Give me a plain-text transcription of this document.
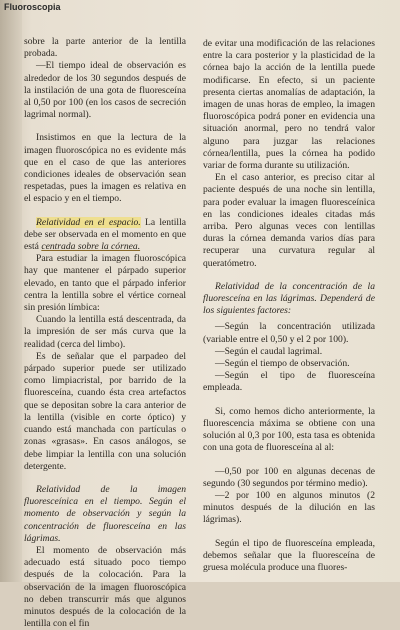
Fluoroscopia

sobre la parte anterior de la lentilla probada.

—El tiempo ideal de observación es alrededor de los 30 segundos después de la instilación de una gota de fluoresceína al 0,50 por 100 (en los casos de secreción lagrimal normal).

Insistimos en que la lectura de la imagen fluoroscópica no es evidente más que en el caso de que las anteriores condiciones ideales de observación sean respetadas, pues la imagen es relativa en el espacio y en el tiempo.

Relatividad en el espacio. La lentilla debe ser observada en el momento en que está centrada sobre la córnea.

Para estudiar la imagen fluoroscópica hay que mantener el párpado superior elevado, en tanto que el párpado inferior centra la lentilla sobre el vértice corneal sin presión límbica:

Cuando la lentilla está descentrada, da la impresión de ser más curva que la realidad (cerca del limbo).

Es de señalar que el parpadeo del párpado superior puede ser utilizado como limpiacristal, por barrido de la fluoresceína, cuando ésta crea artefactos que se depositan sobre la cara anterior de la lentilla (visible en corte óptico) y cuando está manchada con partículas o zonas «grasas». En casos análogos, se debe limpiar la lentilla con una solución detergente.

Relatividad de la imagen fluoresceínica en el tiempo. Según el momento de observación y según la concentración de fluoresceína en las lágrimas.

El momento de observación más adecuado está situado poco tiempo después de la colocación. Para la observación de la imagen fluoroscópica no deben transcurrir más que algunos minutos después de la colocación de la lentilla con el fin

de evitar una modificación de las relaciones entre la cara posterior y la plasticidad de la córnea bajo la acción de la lentilla puede modificarse. En efecto, si un paciente presenta ciertas anomalías de adaptación, la imagen de unas horas de empleo, la imagen fluoroscópica podrá poner en evidencia una situación anormal, pero no tendrá valor alguno para juzgar las relaciones córnea/lentilla, pues la córnea ha podido variar de forma durante su utilización.

En el caso anterior, es preciso citar al paciente después de una noche sin lentilla, para poder evaluar la imagen fluoresceínica en las condiciones ideales citadas más arriba. Pero algunas veces con lentillas duras la córnea demanda varios días para recuperar una curvatura regular al queratómetro.

Relatividad de la concentración de la fluoresceína en las lágrimas. Dependerá de los siguientes factores:

—Según la concentración utilizada (variable entre el 0,50 y el 2 por 100).

—Según el caudal lagrimal.

—Según el tiempo de observación.

—Según el tipo de fluoresceína empleada.

Si, como hemos dicho anteriormente, la fluorescencia máxima se obtiene con una solución al 0,3 por 100, esta tasa es obtenida con una gota de fluoresceína al al:

—0,50 por 100 en algunas decenas de segundo (30 segundos por término medio).

—2 por 100 en algunos minutos (2 minutos después de la dilución en las lágrimas).

Según el tipo de fluoresceína empleada, debemos señalar que la fluoresceína de gruesa molécula produce una fluores-
